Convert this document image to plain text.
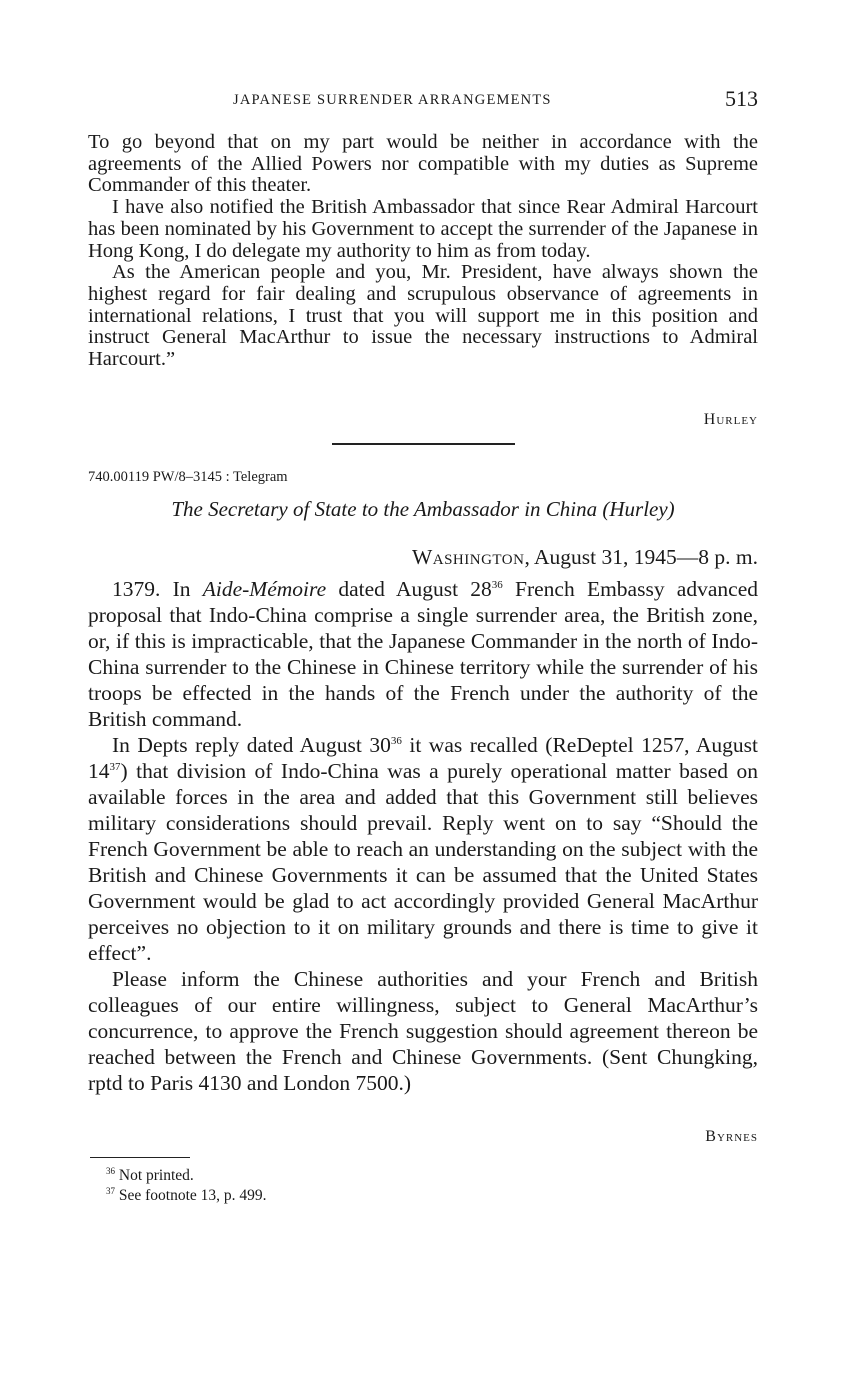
JAPANESE SURRENDER ARRANGEMENTS	513

To go beyond that on my part would be neither in accordance with the agreements of the Allied Powers nor compatible with my duties as Supreme Commander of this theater.

I have also notified the British Ambassador that since Rear Admiral Harcourt has been nominated by his Government to accept the surrender of the Japanese in Hong Kong, I do delegate my authority to him as from today.

As the American people and you, Mr. President, have always shown the highest regard for fair dealing and scrupulous observance of agreements in international relations, I trust that you will support me in this position and instruct General MacArthur to issue the necessary instructions to Admiral Harcourt.”

Hurley
740.00119 PW/8–3145 : Telegram
The Secretary of State to the Ambassador in China (Hurley)
Washington, August 31, 1945—8 p. m.

1379. In Aide-Mémoire dated August $28^{36}$ French Embassy advanced proposal that Indo-China comprise a single surrender area, the British zone, or, if this is impracticable, that the Japanese Commander in the north of Indo-China surrender to the Chinese in Chinese territory while the surrender of his troops be effected in the hands of the French under the authority of the British command.

In Depts reply dated August $30^{36}$ it was recalled (ReDeptel 1257, August $14^{37}$) that division of Indo-China was a purely operational matter based on available forces in the area and added that this Government still believes military considerations should prevail. Reply went on to say “Should the French Government be able to reach an understanding on the subject with the British and Chinese Governments it can be assumed that the United States Government would be glad to act accordingly provided General MacArthur perceives no objection to it on military grounds and there is time to give it effect”.

Please inform the Chinese authorities and your French and British colleagues of our entire willingness, subject to General MacArthur’s concurrence, to approve the French suggestion should agreement thereon be reached between the French and Chinese Governments. (Sent Chungking, rptd to Paris 4130 and London 7500.)

Byrnes
$^{36}$ Not printed.
$^{37}$ See footnote 13, p. 499.
